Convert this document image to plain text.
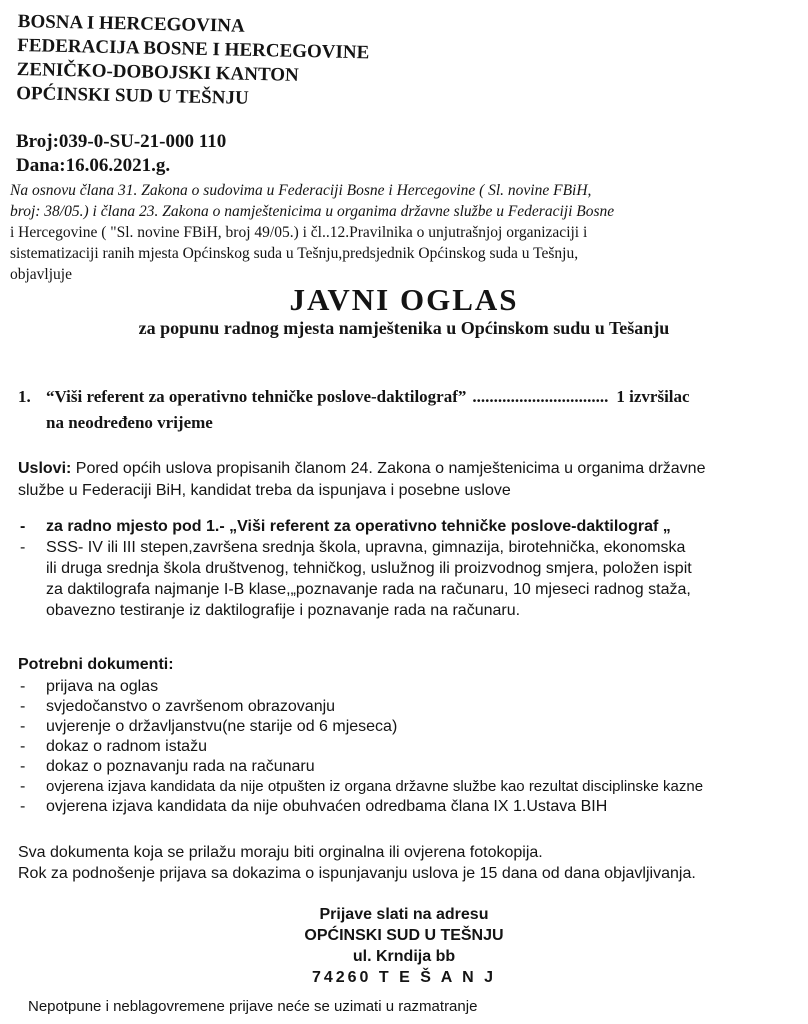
BOSNA I HERCEGOVINA
FEDERACIJA BOSNE I HERCEGOVINE
ZENIČKO-DOBOJSKI KANTON
OPĆINSKI SUD U TEŠNJU
Broj:039-0-SU-21-000 110
Dana:16.06.2021.g.
Na osnovu člana 31. Zakona o sudovima u Federaciji Bosne i Hercegovine ( Sl. novine FBiH,
broj: 38/05.) i člana 23. Zakona o namještenicima u organima državne službe u Federaciji Bosne
i Hercegovine ( "Sl. novine FBiH, broj 49/05.) i čl..12.Pravilnika o unjutrašnjoj organizaciji i
sistematizaciji ranih mjesta Općinskog suda u Tešnju,predsjednik Općinskog suda u Tešnju,
objavljuje
JAVNI OGLAS
za popunu radnog mjesta namještenika u Općinskom sudu u Tešanju
1. “Viši referent za operativno tehničke poslove-daktilograf” ................................ 1 izvršilac
na neodređeno vrijeme
Uslovi: Pored općih uslova propisanih članom 24. Zakona o namještenicima u organima državne
službe u Federaciji BiH, kandidat treba da ispunjava i posebne uslove
- za radno mjesto pod 1.- „Viši referent za operativno tehničke poslove-daktilograf „
- SSS- IV ili III stepen,završena srednja škola, upravna, gimnazija, birotehnička, ekonomska
ili druga srednja škola društvenog, tehničkog, uslužnog ili proizvodnog smjera, položen ispit
za daktilografa najmanje I-B klase,„poznavanje rada na računaru, 10 mjeseci radnog staža,
obavezno testiranje iz daktilografije i poznavanje rada na računaru.
Potrebni dokumenti:
- prijava na oglas
- svjedočanstvo o završenom obrazovanju
- uvjerenje o državljanstvu(ne starije od 6 mjeseca)
- dokaz o radnom istažu
- dokaz o poznavanju rada na računaru
- ovjerena izjava kandidata da nije otpušten iz organa državne službe kao rezultat disciplinske kazne
- ovjerena izjava kandidata da nije obuhvaćen odredbama člana IX 1.Ustava BIH
Sva dokumenta koja se prilažu moraju biti orginalna ili ovjerena fotokopija.
Rok za podnošenje prijava sa dokazima o ispunjavanju uslova je 15 dana od dana objavljivanja.
Prijave slati na adresu
OPĆINSKI SUD U TEŠNJU
ul. Krndija bb
74260 T E Š A N J
Nepotpune i neblagovremene prijave neće se uzimati u razmatranje
